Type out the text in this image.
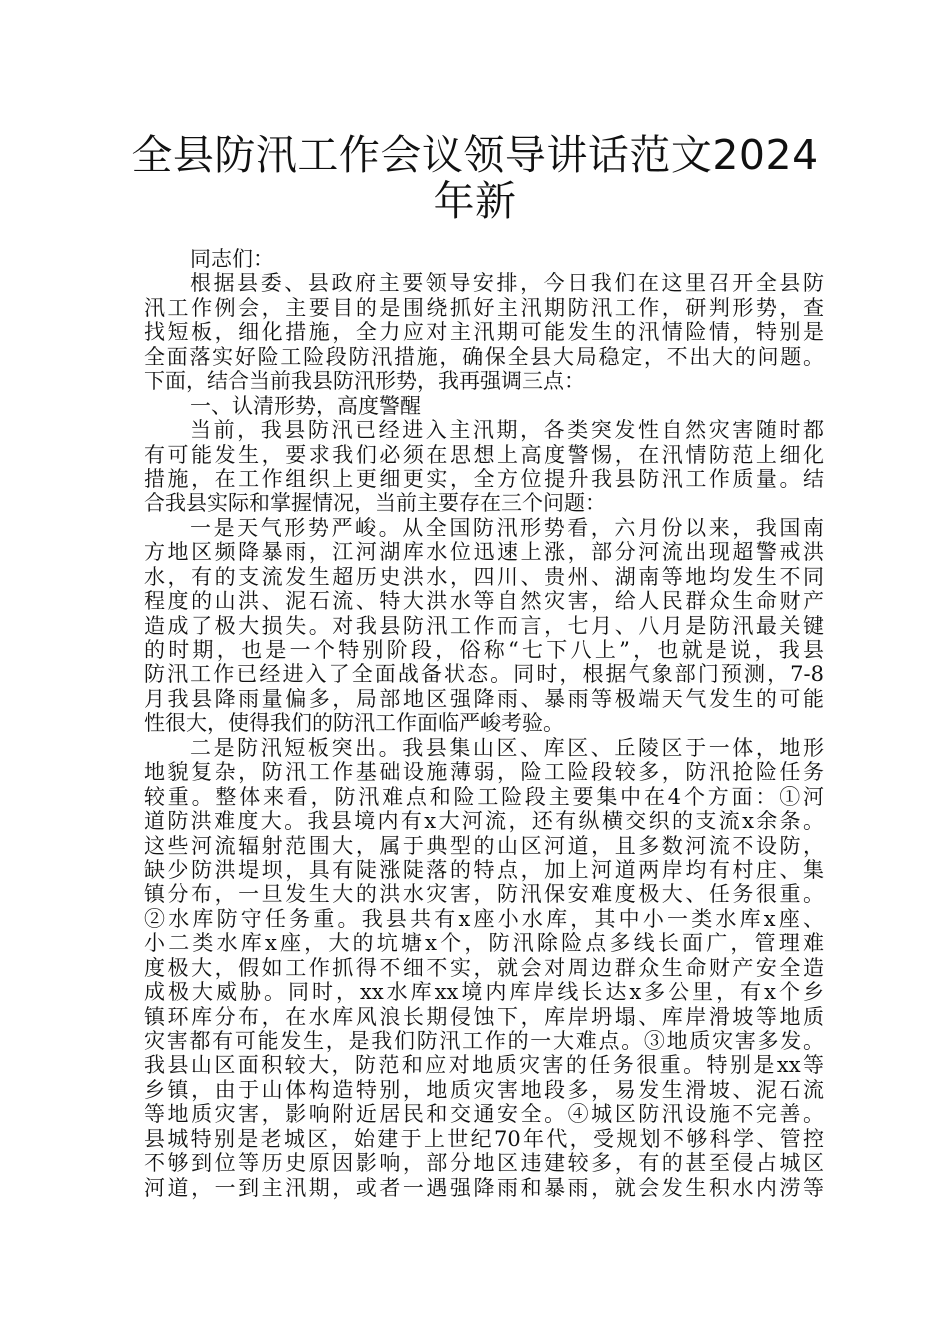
全县防汛工作会议领导讲话范文2024
年新
同志们：
根据县委、县政府主要领导安排，今日我们在这里召开全县防
汛工作例会，主要目的是围绕抓好主汛期防汛工作，研判形势，查
找短板，细化措施，全力应对主汛期可能发生的汛情险情，特别是
全面落实好险工险段防汛措施，确保全县大局稳定，不出大的问题。
下面，结合当前我县防汛形势，我再强调三点：
一、认清形势，高度警醒
当前，我县防汛已经进入主汛期，各类突发性自然灾害随时都
有可能发生，要求我们必须在思想上高度警惕，在汛情防范上细化
措施，在工作组织上更细更实，全方位提升我县防汛工作质量。结
合我县实际和掌握情况，当前主要存在三个问题：
一是天气形势严峻。从全国防汛形势看，六月份以来，我国南
方地区频降暴雨，江河湖库水位迅速上涨，部分河流出现超警戒洪
水，有的支流发生超历史洪水，四川、贵州、湖南等地均发生不同
程度的山洪、泥石流、特大洪水等自然灾害，给人民群众生命财产
造成了极大损失。对我县防汛工作而言，七月、八月是防汛最关键
的时期，也是一个特别阶段，俗称“七下八上”，也就是说，我县
防汛工作已经进入了全面战备状态。同时，根据气象部门预测，7-8
月我县降雨量偏多，局部地区强降雨、暴雨等极端天气发生的可能
性很大，使得我们的防汛工作面临严峻考验。
二是防汛短板突出。我县集山区、库区、丘陵区于一体，地形
地貌复杂，防汛工作基础设施薄弱，险工险段较多，防汛抢险任务
较重。整体来看，防汛难点和险工险段主要集中在4个方面：①河
道防洪难度大。我县境内有x大河流，还有纵横交织的支流x余条。
这些河流辐射范围大，属于典型的山区河道，且多数河流不设防，
缺少防洪堤坝，具有陡涨陡落的特点，加上河道两岸均有村庄、集
镇分布，一旦发生大的洪水灾害，防汛保安难度极大、任务很重。
②水库防守任务重。我县共有x座小水库，其中小一类水库x座、
小二类水库x座，大的坑塘x个，防汛除险点多线长面广，管理难
度极大，假如工作抓得不细不实，就会对周边群众生命财产安全造
成极大威胁。同时，xx水库xx境内库岸线长达x多公里，有x个乡
镇环库分布，在水库风浪长期侵蚀下，库岸坍塌、库岸滑坡等地质
灾害都有可能发生，是我们防汛工作的一大难点。③地质灾害多发。
我县山区面积较大，防范和应对地质灾害的任务很重。特别是xx等
乡镇，由于山体构造特别，地质灾害地段多，易发生滑坡、泥石流
等地质灾害，影响附近居民和交通安全。④城区防汛设施不完善。
县城特别是老城区，始建于上世纪70年代，受规划不够科学、管控
不够到位等历史原因影响，部分地区违建较多，有的甚至侵占城区
河道，一到主汛期，或者一遇强降雨和暴雨，就会发生积水内涝等
